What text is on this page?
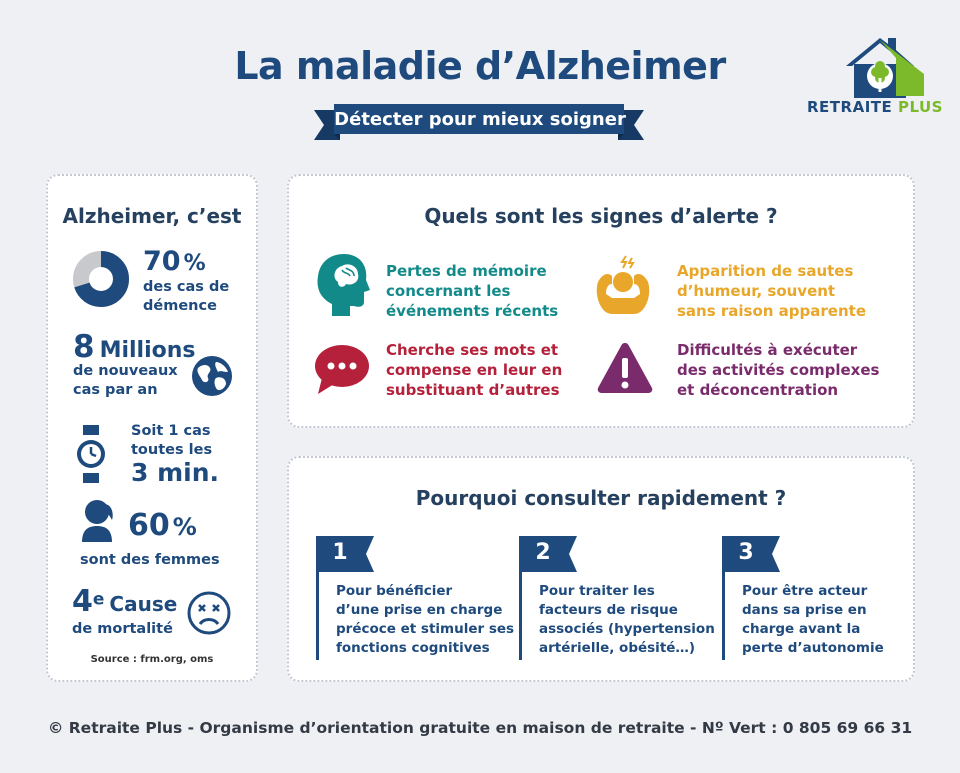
La maladie d’Alzheimer
Détecter pour mieux soigner
RETRAITE PLUS
Alzheimer, c’est
70 %
des cas de
démence
8 Millions
de nouveaux
cas par an
Soit 1 cas
toutes les
3 min.
60 %
sont des femmes
4e Cause
de mortalité
Source : frm.org, oms
Quels sont les signes d’alerte ?
Pertes de mémoire
concernant les
événements récents
Apparition de sautes
d’humeur, souvent
sans raison apparente
Cherche ses mots et
compense en leur en
substituant d’autres
Difficultés à exécuter
des activités complexes
et déconcentration
Pourquoi consulter rapidement ?
1
Pour bénéficier
d’une prise en charge
précoce et stimuler ses
fonctions cognitives
2
Pour traiter les
facteurs de risque
associés (hypertension
artérielle, obésité…)
3
Pour être acteur
dans sa prise en
charge avant la
perte d’autonomie
© Retraite Plus - Organisme d’orientation gratuite en maison de retraite - Nº Vert : 0 805 69 66 31
